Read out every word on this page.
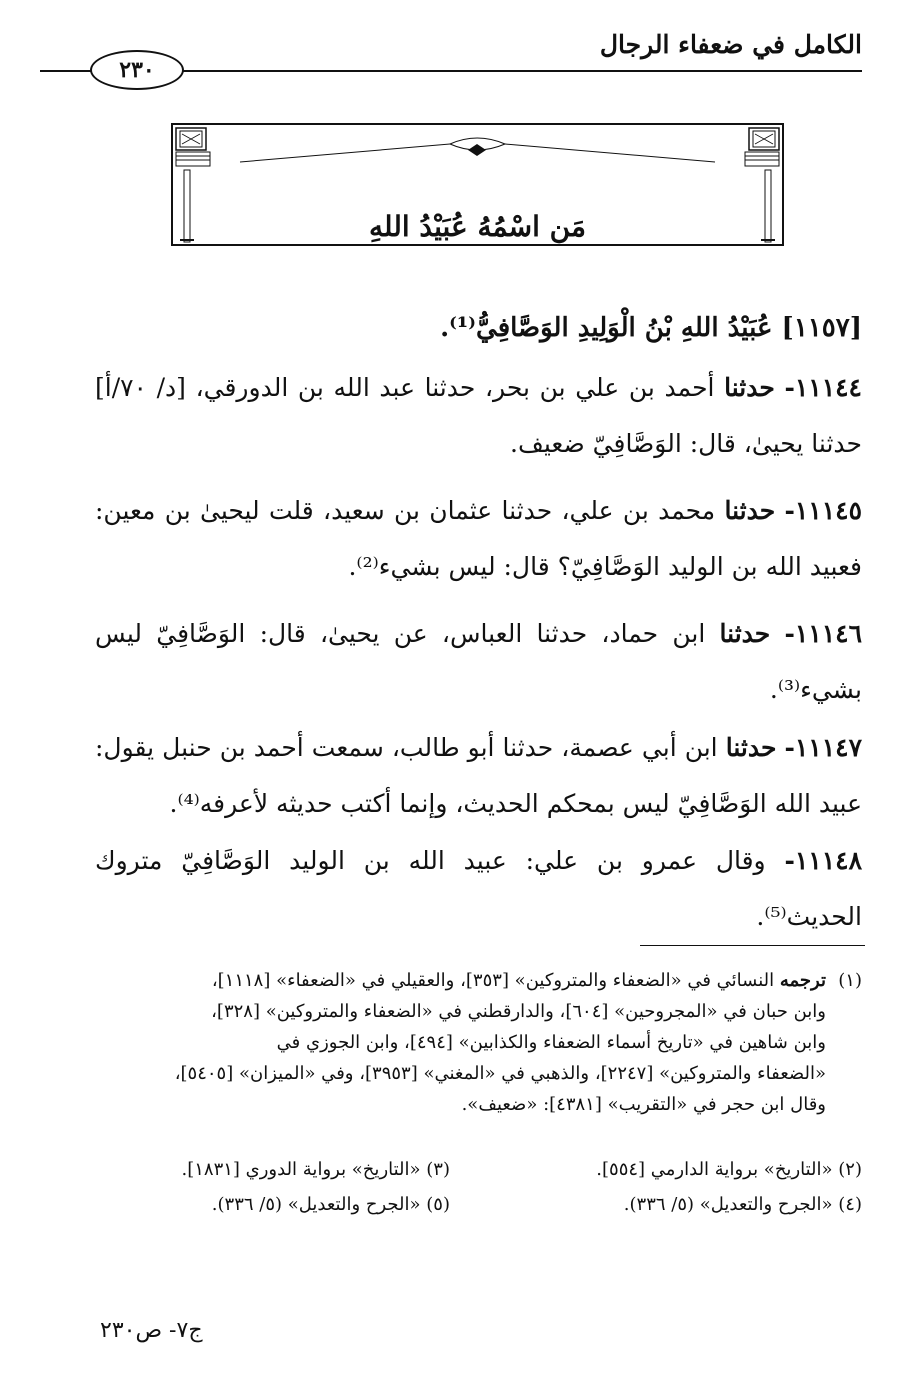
الكامل في ضعفاء الرجال
٢٣٠
مَن اسْمُهُ عُبَيْدُ اللهِ
[١١٥٧] عُبَيْدُ اللهِ بْنُ الْوَلِيدِ الوَصَّافِيُّ⁽¹⁾.
١١١٤٤- حدثنا أحمد بن علي بن بحر، حدثنا عبد الله بن الدورقي، [د/ ٧٠/أ] حدثنا يحيىٰ، قال: الوَصَّافِيّ ضعيف.
١١١٤٥- حدثنا محمد بن علي، حدثنا عثمان بن سعيد، قلت ليحيىٰ بن معين: فعبيد الله بن الوليد الوَصَّافِيّ؟ قال: ليس بشيء⁽²⁾.
١١١٤٦- حدثنا ابن حماد، حدثنا العباس، عن يحيىٰ، قال: الوَصَّافِيّ ليس بشيء⁽³⁾.
١١١٤٧- حدثنا ابن أبي عصمة، حدثنا أبو طالب، سمعت أحمد بن حنبل يقول: عبيد الله الوَصَّافِيّ ليس بمحكم الحديث، وإنما أكتب حديثه لأعرفه⁽⁴⁾.
١١١٤٨- وقال عمرو بن علي: عبيد الله بن الوليد الوَصَّافِيّ متروك الحديث⁽⁵⁾.
(١)ترجمه النسائي في «الضعفاء والمتروكين» [٣٥٣]، والعقيلي في «الضعفاء» [١١١٨]،
وابن حبان في «المجروحين» [٦٠٤]، والدارقطني في «الضعفاء والمتروكين» [٣٢٨]،
وابن شاهين في «تاريخ أسماء الضعفاء والكذابين» [٤٩٤]، وابن الجوزي في
«الضعفاء والمتروكين» [٢٢٤٧]، والذهبي في «المغني» [٣٩٥٣]، وفي «الميزان» [٥٤٠٥]،
وقال ابن حجر في «التقريب» [٤٣٨١]: «ضعيف».
(٢) «التاريخ» برواية الدارمي [٥٥٤].
(٣) «التاريخ» برواية الدوري [١٨٣١].
(٤) «الجرح والتعديل» (٥/ ٣٣٦).
(٥) «الجرح والتعديل» (٥/ ٣٣٦).
ج٧- ص٢٣٠
